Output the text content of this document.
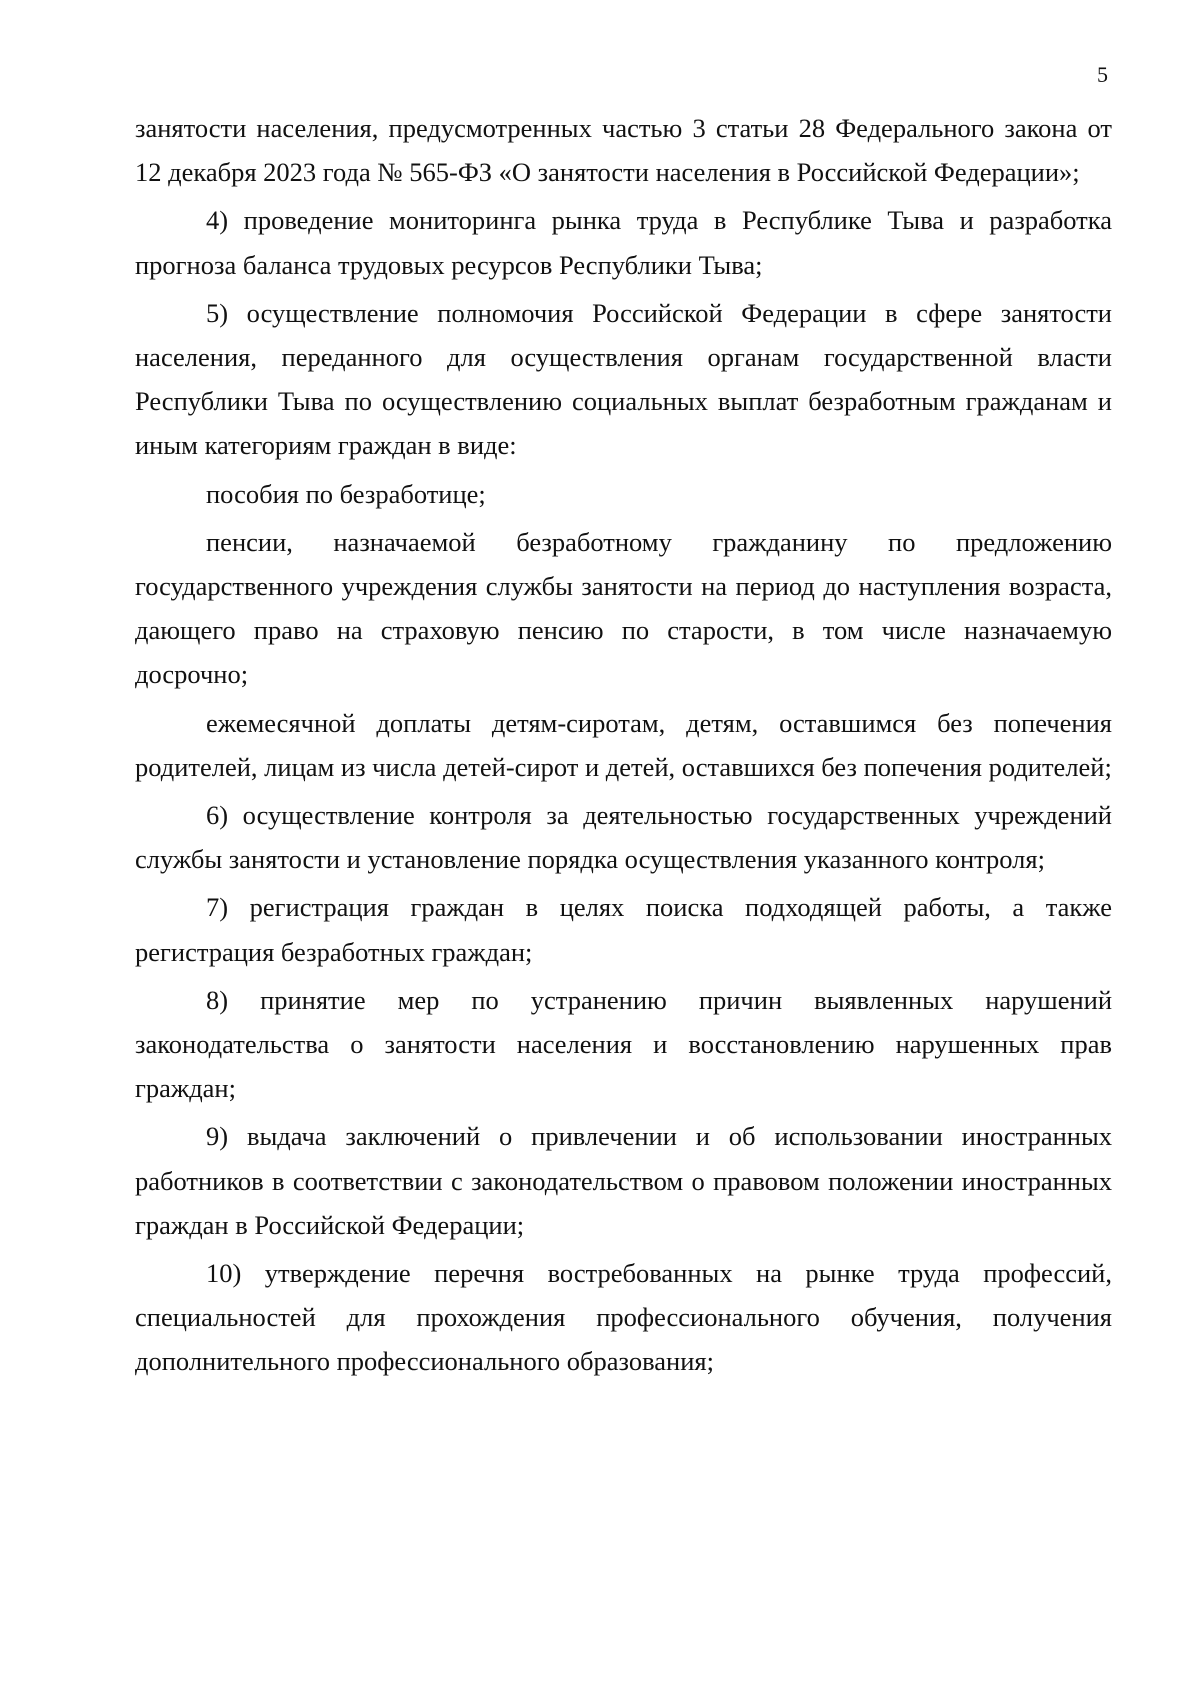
5

занятости населения, предусмотренных частью 3 статьи 28 Федерального закона от 12 декабря 2023 года № 565-ФЗ «О занятости населения в Российской Федерации»;

4) проведение мониторинга рынка труда в Республике Тыва и разработка прогноза баланса трудовых ресурсов Республики Тыва;

5) осуществление полномочия Российской Федерации в сфере занятости населения, переданного для осуществления органам государственной власти Республики Тыва по осуществлению социальных выплат безработным гражданам и иным категориям граждан в виде:

пособия по безработице;

пенсии, назначаемой безработному гражданину по предложению государственного учреждения службы занятости на период до наступления возраста, дающего право на страховую пенсию по старости, в том числе назначаемую досрочно;

ежемесячной доплаты детям-сиротам, детям, оставшимся без попечения родителей, лицам из числа детей-сирот и детей, оставшихся без попечения родителей;

6) осуществление контроля за деятельностью государственных учреждений службы занятости и установление порядка осуществления указанного контроля;

7) регистрация граждан в целях поиска подходящей работы, а также регистрация безработных граждан;

8) принятие мер по устранению причин выявленных нарушений законодательства о занятости населения и восстановлению нарушенных прав граждан;

9) выдача заключений о привлечении и об использовании иностранных работников в соответствии с законодательством о правовом положении иностранных граждан в Российской Федерации;

10) утверждение перечня востребованных на рынке труда профессий, специальностей для прохождения профессионального обучения, получения дополнительного профессионального образования;
